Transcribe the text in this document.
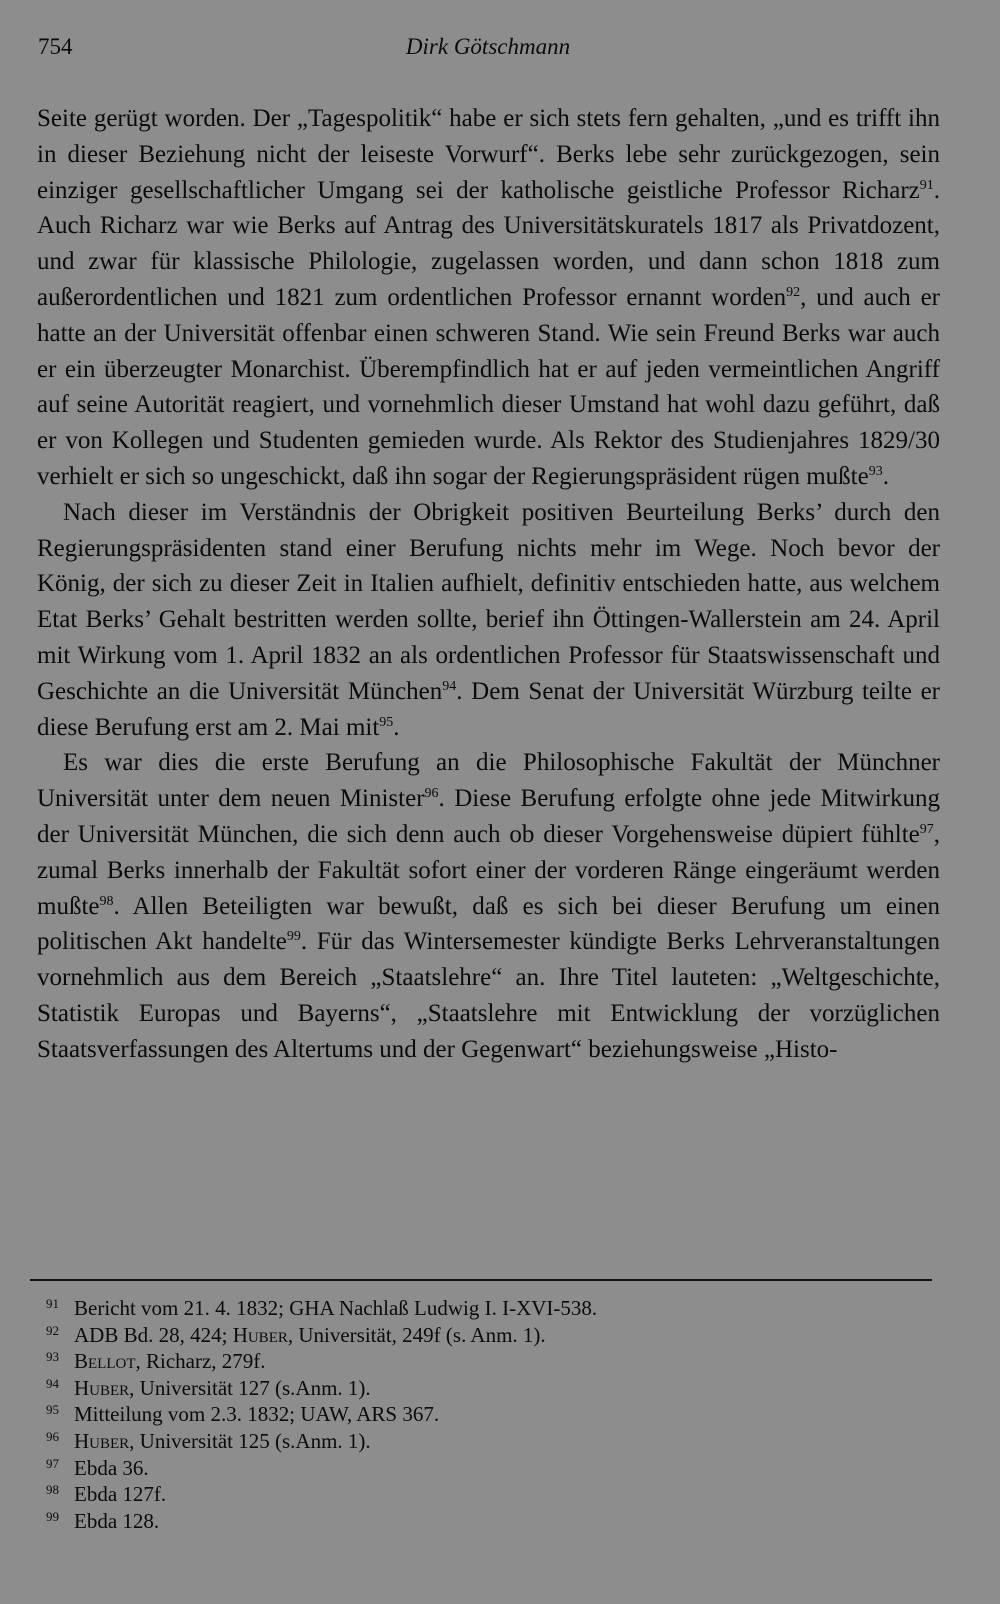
754	Dirk Götschmann

Seite gerügt worden. Der „Tagespolitik“ habe er sich stets fern gehalten, „und es trifft ihn in dieser Beziehung nicht der leiseste Vorwurf“. Berks lebe sehr zurückgezogen, sein einziger gesellschaftlicher Umgang sei der katholische geistliche Professor Richarz$^{91}$. Auch Richarz war wie Berks auf Antrag des Universitätskuratels 1817 als Privatdozent, und zwar für klassische Philologie, zugelassen worden, und dann schon 1818 zum außerordentlichen und 1821 zum ordentlichen Professor ernannt worden$^{92}$, und auch er hatte an der Universität offenbar einen schweren Stand. Wie sein Freund Berks war auch er ein überzeugter Monarchist. Überempfindlich hat er auf jeden vermeintlichen Angriff auf seine Autorität reagiert, und vornehmlich dieser Umstand hat wohl dazu geführt, daß er von Kollegen und Studenten gemieden wurde. Als Rektor des Studienjahres 1829/30 verhielt er sich so ungeschickt, daß ihn sogar der Regierungspräsident rügen mußte$^{93}$.

Nach dieser im Verständnis der Obrigkeit positiven Beurteilung Berks’ durch den Regierungspräsidenten stand einer Berufung nichts mehr im Wege. Noch bevor der König, der sich zu dieser Zeit in Italien aufhielt, definitiv entschieden hatte, aus welchem Etat Berks’ Gehalt bestritten werden sollte, berief ihn Öttingen-Wallerstein am 24. April mit Wirkung vom 1. April 1832 an als ordentlichen Professor für Staatswissenschaft und Geschichte an die Universität München$^{94}$. Dem Senat der Universität Würzburg teilte er diese Berufung erst am 2. Mai mit$^{95}$.

Es war dies die erste Berufung an die Philosophische Fakultät der Münchner Universität unter dem neuen Minister$^{96}$. Diese Berufung erfolgte ohne jede Mitwirkung der Universität München, die sich denn auch ob dieser Vorgehensweise düpiert fühlte$^{97}$, zumal Berks innerhalb der Fakultät sofort einer der vorderen Ränge eingeräumt werden mußte$^{98}$. Allen Beteiligten war bewußt, daß es sich bei dieser Berufung um einen politischen Akt handelte$^{99}$. Für das Wintersemester kündigte Berks Lehrveranstaltungen vornehmlich aus dem Bereich „Staatslehre“ an. Ihre Titel lauteten: „Weltgeschichte, Statistik Europas und Bayerns“, „Staatslehre mit Entwicklung der vorzüglichen Staatsverfassungen des Altertums und der Gegenwart“ beziehungsweise „Histo-

91 Bericht vom 21. 4. 1832; GHA Nachlaß Ludwig I. I-XVI-538.
92 ADB Bd. 28, 424; Huber, Universität, 249f (s. Anm. 1).
93 Bellot, Richarz, 279f.
94 Huber, Universität 127 (s.Anm. 1).
95 Mitteilung vom 2.3. 1832; UAW, ARS 367.
96 Huber, Universität 125 (s.Anm. 1).
97 Ebda 36.
98 Ebda 127f.
99 Ebda 128.
